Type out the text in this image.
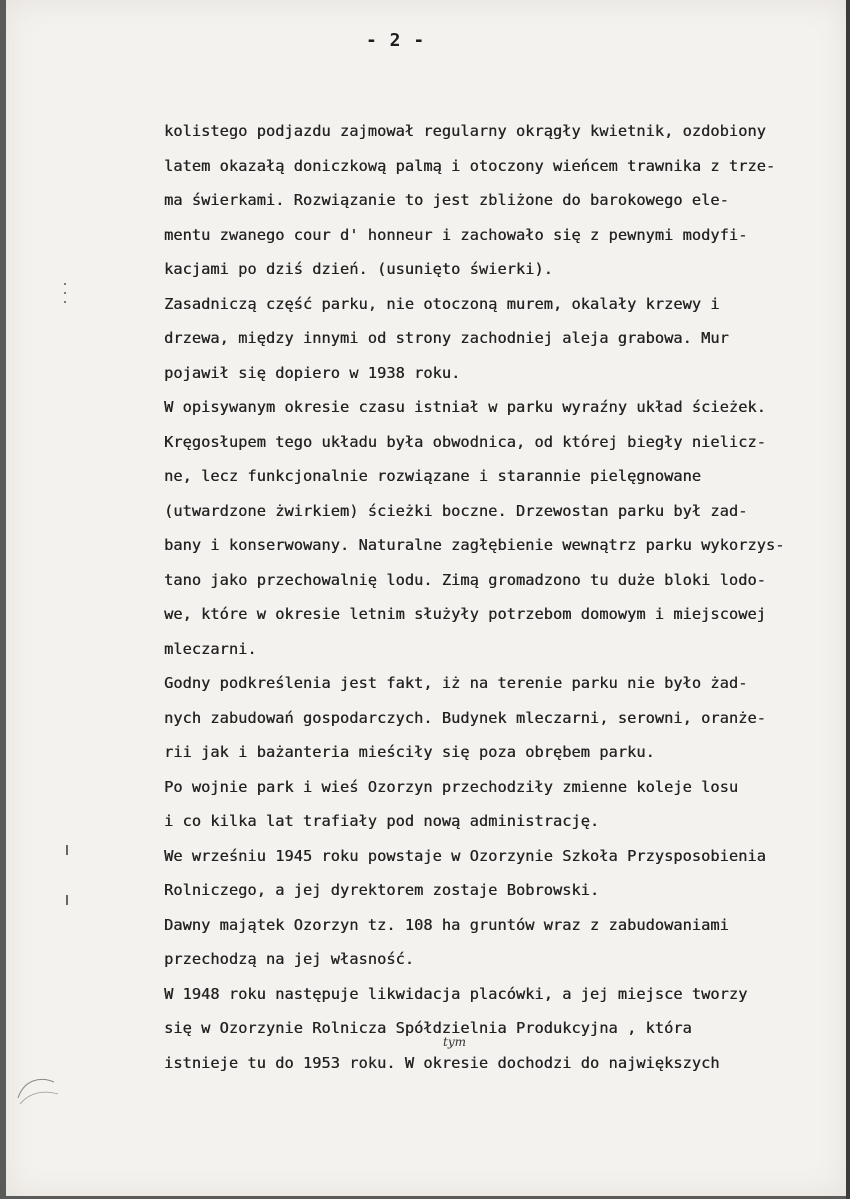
- 2 -
kolistego podjazdu zajmował regularny okrągły kwietnik, ozdobiony
latem okazałą doniczkową palmą i otoczony wieńcem trawnika z trze-
ma świerkami. Rozwiązanie to jest zbliżone do barokowego ele-
mentu zwanego cour d' honneur i zachowało się z pewnymi modyfi-
kacjami po dziś dzień. (usunięto świerki).
Zasadniczą część parku, nie otoczoną murem, okalały krzewy i
drzewa, między innymi od strony zachodniej aleja grabowa. Mur
pojawił się dopiero w 1938 roku.
W opisywanym okresie czasu istniał w parku wyraźny układ ścieżek.
Kręgosłupem tego układu była obwodnica, od której biegły nielicz-
ne, lecz funkcjonalnie rozwiązane i starannie pielęgnowane
(utwardzone żwirkiem) ścieżki boczne. Drzewostan parku był zad-
bany i konserwowany. Naturalne zagłębienie wewnątrz parku wykorzys-
tano jako przechowalnię lodu. Zimą gromadzono tu duże bloki lodo-
we, które w okresie letnim służyły potrzebom domowym i miejscowej
mleczarni.
Godny podkreślenia jest fakt, iż na terenie parku nie było żad-
nych zabudowań gospodarczych. Budynek mleczarni, serowni, oranże-
rii jak i bażanteria mieściły się poza obrębem parku.
Po wojnie park i wieś Ozorzyn przechodziły zmienne koleje losu
i co kilka lat trafiały pod nową administrację.
We wrześniu 1945 roku powstaje w Ozorzynie Szkoła Przysposobienia
Rolniczego, a jej dyrektorem zostaje Bobrowski.
Dawny majątek Ozorzyn tz. 108 ha gruntów wraz z zabudowaniami
przechodzą na jej własność.
W 1948 roku następuje likwidacja placówki, a jej miejsce tworzy
się w Ozorzynie Rolnicza Spółdzielnia Produkcyjna , która
istnieje tu do 1953 roku. W okresie dochodzi do największych
tym
